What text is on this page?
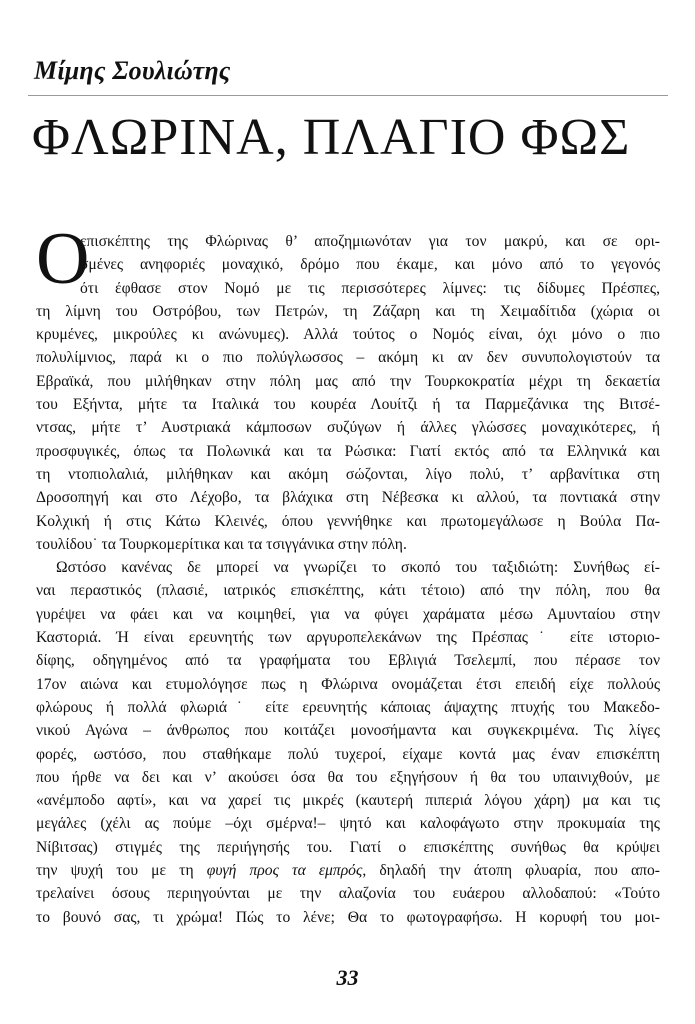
Μίμης Σουλιώτης
ΦΛΩΡΙΝΑ, ΠΛΑΓΙΟ ΦΩΣ
Ο
επισκέπτης της Φλώρινας θ’ αποζημιωνόταν για τον μακρύ, και σε ορι-
σμένες ανηφοριές μοναχικό, δρόμο που έκαμε, και μόνο από το γεγονός
ότι έφθασε στον Νομό με τις περισσότερες λίμνες: τις δίδυμες Πρέσπες,
τη λίμνη του Οστρόβου, των Πετρών, τη Ζάζαρη και τη Χειμαδίτιδα (χώρια οι
κρυμένες, μικρούλες κι ανώνυμες). Αλλά τούτος ο Νομός είναι, όχι μόνο ο πιο
πολυλίμνιος, παρά κι ο πιο πολύγλωσσος – ακόμη κι αν δεν συνυπολογιστούν τα
Εβραϊκά, που μιλήθηκαν στην πόλη μας από την Τουρκοκρατία μέχρι τη δεκαετία
του Εξήντα, μήτε τα Ιταλικά του κουρέα Λουίτζι ή τα Παρμεζάνικα της Βιτσέ-
ντσας, μήτε τ’ Αυστριακά κάμποσων συζύγων ή άλλες γλώσσες μοναχικότερες, ή
προσφυγικές, όπως τα Πολωνικά και τα Ρώσικα: Γιατί εκτός από τα Ελληνικά και
τη ντοπιολαλιά, μιλήθηκαν και ακόμη σώζονται, λίγο πολύ, τ’ αρβανίτικα στη
Δροσοπηγή και στο Λέχοβο, τα βλάχικα στη Νέβεσκα κι αλλού, τα ποντιακά στην
Κολχική ή στις Κάτω Κλεινές, όπου γεννήθηκε και πρωτομεγάλωσε η Βούλα Πα-
τουλίδου˙ τα Τουρκομερίτικα και τα τσιγγάνικα στην πόλη.
Ωστόσο κανένας δε μπορεί να γνωρίζει το σκοπό του ταξιδιώτη: Συνήθως εί-
ναι περαστικός (πλασιέ, ιατρικός επισκέπτης, κάτι τέτοιο) από την πόλη, που θα
γυρέψει να φάει και να κοιμηθεί, για να φύγει χαράματα μέσω Αμυνταίου στην
Καστοριά. Ή είναι ερευνητής των αργυροπελεκάνων της Πρέσπας˙ είτε ιστοριο-
δίφης, οδηγημένος από τα γραφήματα του Εβλιγιά Τσελεμπί, που πέρασε τον
17ον αιώνα και ετυμολόγησε πως η Φλώρινα ονομάζεται έτσι επειδή είχε πολλούς
φλώρους ή πολλά φλωριά˙ είτε ερευνητής κάποιας άψαχτης πτυχής του Μακεδο-
νικού Αγώνα – άνθρωπος που κοιτάζει μονοσήμαντα και συγκεκριμένα. Τις λίγες
φορές, ωστόσο, που σταθήκαμε πολύ τυχεροί, είχαμε κοντά μας έναν επισκέπτη
που ήρθε να δει και ν’ ακούσει όσα θα του εξηγήσουν ή θα του υπαινιχθούν, με
«ανέμποδο αφτί», και να χαρεί τις μικρές (καυτερή πιπεριά λόγου χάρη) μα και τις
μεγάλες (χέλι ας πούμε –όχι σμέρνα!– ψητό και καλοφάγωτο στην προκυμαία της
Νίβιτσας) στιγμές της περιήγησής του. Γιατί ο επισκέπτης συνήθως θα κρύψει
την ψυχή του με τη φυγή προς τα εμπρός, δηλαδή την άτοπη φλυαρία, που απο-
τρελαίνει όσους περιηγούνται με την αλαζονία του ευάερου αλλοδαπού: «Τούτο
το βουνό σας, τι χρώμα! Πώς το λένε; Θα το φωτογραφήσω. Η κορυφή του μοι-
33
